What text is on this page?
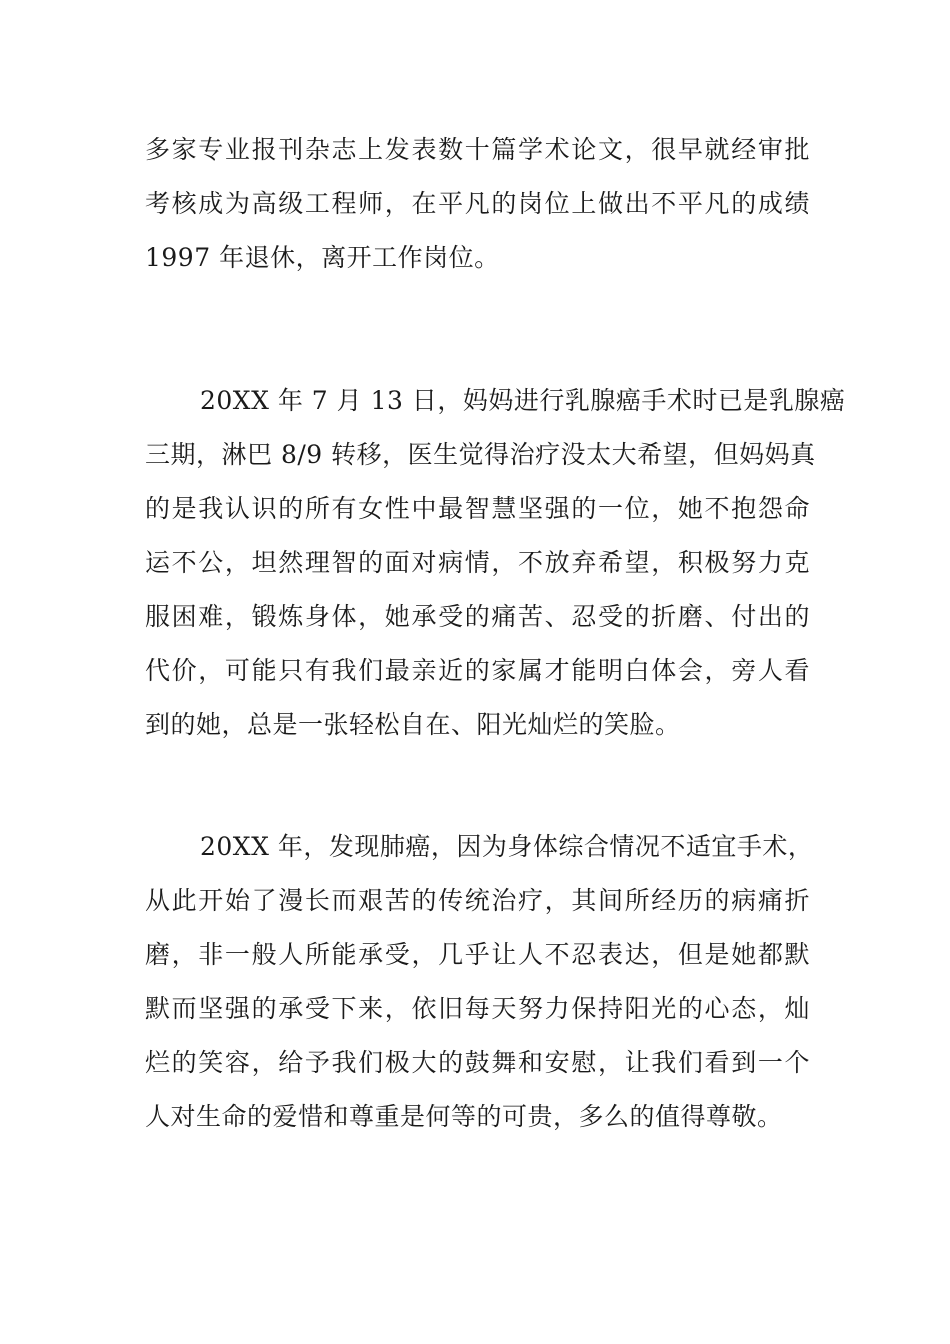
多家专业报刊杂志上发表数十篇学术论文，很早就经审批
考核成为高级工程师，在平凡的岗位上做出不平凡的成绩
1997 年退休，离开工作岗位。
20XX 年 7 月 13 日，妈妈进行乳腺癌手术时已是乳腺癌
三期，淋巴 8/9 转移，医生觉得治疗没太大希望，但妈妈真
的是我认识的所有女性中最智慧坚强的一位，她不抱怨命
运不公，坦然理智的面对病情，不放弃希望，积极努力克
服困难，锻炼身体，她承受的痛苦、忍受的折磨、付出的
代价，可能只有我们最亲近的家属才能明白体会，旁人看
到的她，总是一张轻松自在、阳光灿烂的笑脸。
20XX 年，发现肺癌，因为身体综合情况不适宜手术，
从此开始了漫长而艰苦的传统治疗，其间所经历的病痛折
磨，非一般人所能承受，几乎让人不忍表达，但是她都默
默而坚强的承受下来，依旧每天努力保持阳光的心态，灿
烂的笑容，给予我们极大的鼓舞和安慰，让我们看到一个
人对生命的爱惜和尊重是何等的可贵，多么的值得尊敬。
